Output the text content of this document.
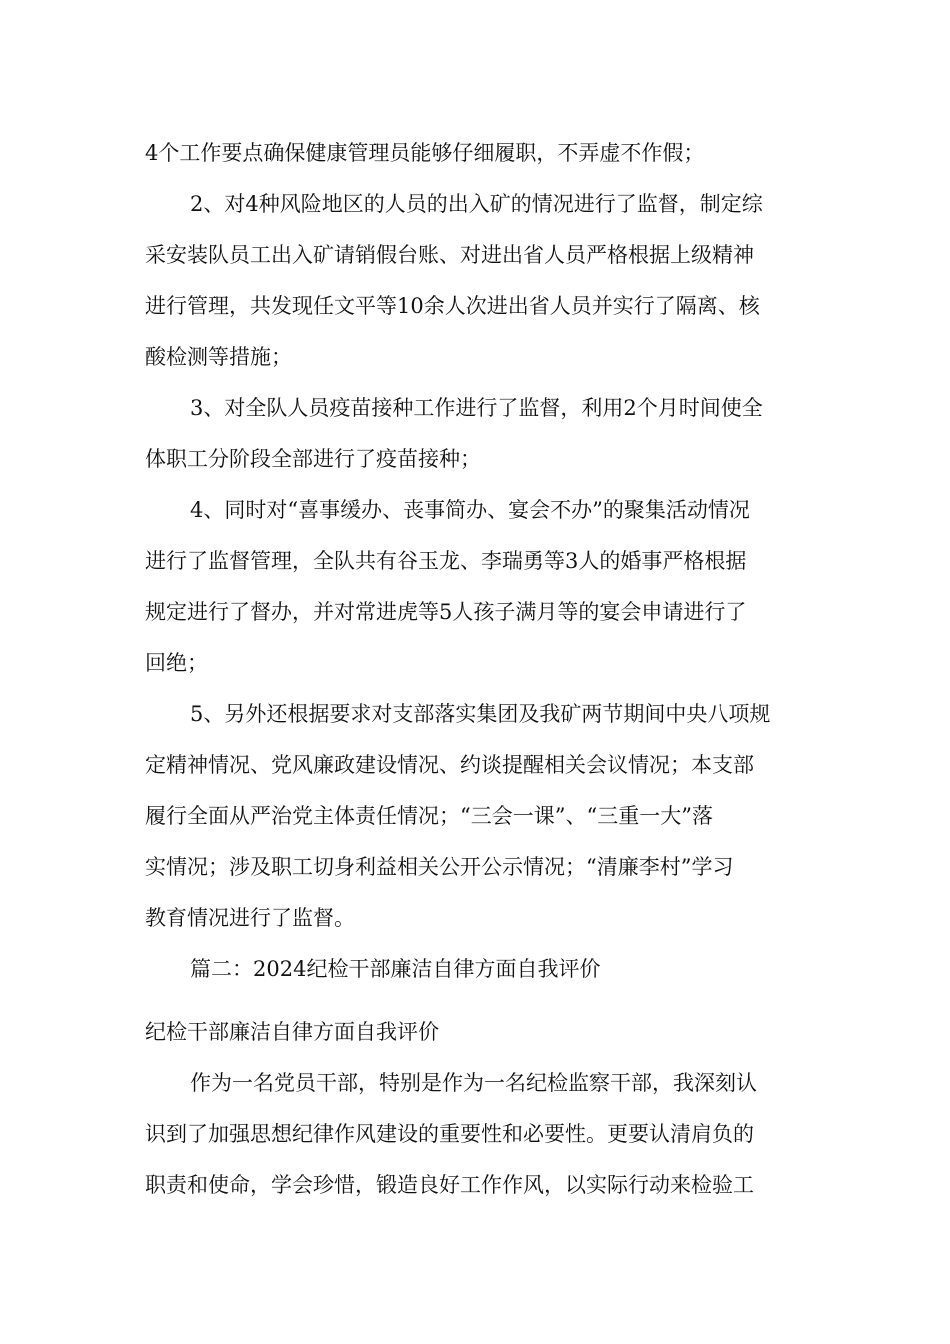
4个工作要点确保健康管理员能够仔细履职，不弄虚不作假；
2、对4种风险地区的人员的出入矿的情况进行了监督，制定综
采安装队员工出入矿请销假台账、对进出省人员严格根据上级精神
进行管理，共发现任文平等10余人次进出省人员并实行了隔离、核
酸检测等措施；
3、对全队人员疫苗接种工作进行了监督，利用2个月时间使全
体职工分阶段全部进行了疫苗接种；
4、同时对“喜事缓办、丧事简办、宴会不办”的聚集活动情况
进行了监督管理，全队共有谷玉龙、李瑞勇等3人的婚事严格根据
规定进行了督办，并对常进虎等5人孩子满月等的宴会申请进行了
回绝；
5、另外还根据要求对支部落实集团及我矿两节期间中央八项规
定精神情况、党风廉政建设情况、约谈提醒相关会议情况；本支部
履行全面从严治党主体责任情况；“三会一课”、“三重一大”落
实情况；涉及职工切身利益相关公开公示情况；“清廉李村”学习
教育情况进行了监督。
篇二：2024纪检干部廉洁自律方面自我评价
纪检干部廉洁自律方面自我评价
作为一名党员干部，特别是作为一名纪检监察干部，我深刻认
识到了加强思想纪律作风建设的重要性和必要性。更要认清肩负的
职责和使命，学会珍惜，锻造良好工作作风，以实际行动来检验工
